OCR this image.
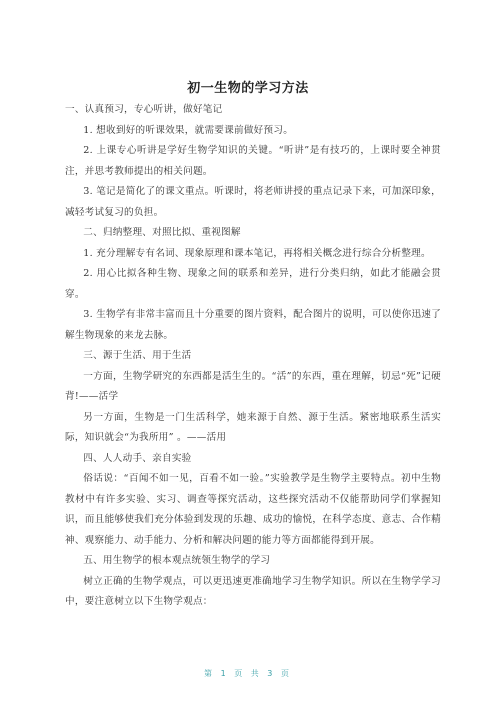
初一生物的学习方法

一、认真预习，专心听讲，做好笔记

1. 想收到好的听课效果，就需要课前做好预习。

2. 上课专心听讲是学好生物学知识的关键。“听讲”是有技巧的，上课时要全神贯注，并思考教师提出的相关问题。

3. 笔记是简化了的课文重点。听课时，将老师讲授的重点记录下来，可加深印象，减轻考试复习的负担。

二、归纳整理、对照比拟、重视图解

1. 充分理解专有名词、现象原理和课本笔记，再将相关概念进行综合分析整理。

2. 用心比拟各种生物、现象之间的联系和差异，进行分类归纳，如此才能融会贯穿。

3. 生物学有非常丰富而且十分重要的图片资料，配合图片的说明，可以使你迅速了解生物现象的来龙去脉。

三、源于生活、用于生活

一方面，生物学研究的东西都是活生生的。“活”的东西，重在理解，切忌“死”记硬背!——活学

另一方面，生物是一门生活科学，她来源于自然、源于生活。紧密地联系生活实际，知识就会“为我所用” 。——活用

四、人人动手、亲自实验

俗话说：“百闻不如一见，百看不如一验。”实验教学是生物学主要特点。初中生物教材中有许多实验、实习、调查等探究活动，这些探究活动不仅能帮助同学们掌握知识，而且能够使我们充分体验到发现的乐趣、成功的愉悦，在科学态度、意志、合作精神、观察能力、动手能力、分析和解决问题的能力等方面都能得到开展。

五、用生物学的根本观点统领生物学的学习

树立正确的生物学观点，可以更迅速更准确地学习生物学知识。所以在生物学学习中，要注意树立以下生物学观点：

第 1 页 共 3 页
